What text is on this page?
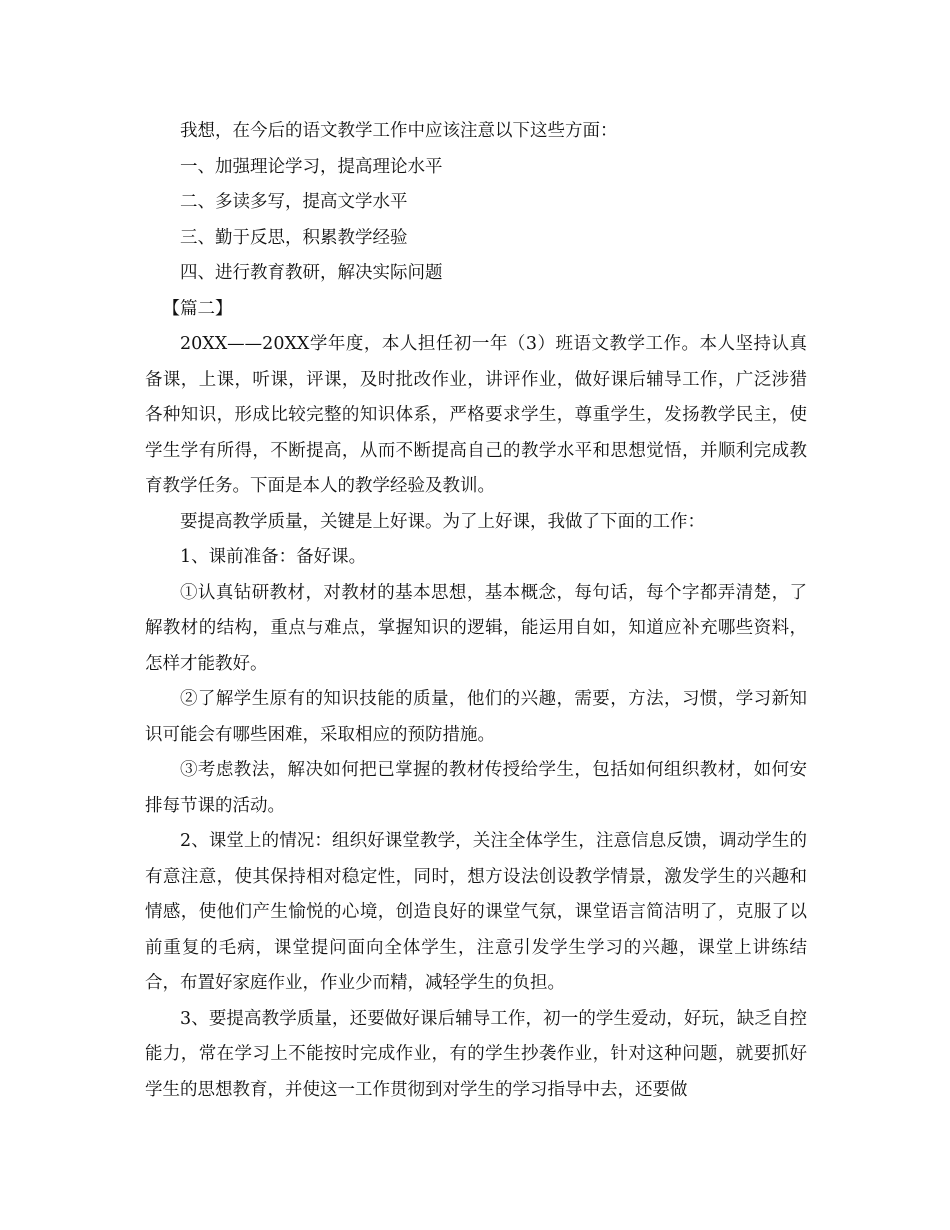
我想，在今后的语文教学工作中应该注意以下这些方面：

一、加强理论学习，提高理论水平

二、多读多写，提高文学水平

三、勤于反思，积累教学经验

四、进行教育教研，解决实际问题

【篇二】

20XX——20XX学年度，本人担任初一年（3）班语文教学工作。本人坚持认真备课，上课，听课，评课，及时批改作业，讲评作业，做好课后辅导工作，广泛涉猎各种知识，形成比较完整的知识体系，严格要求学生，尊重学生，发扬教学民主，使学生学有所得，不断提高，从而不断提高自己的教学水平和思想觉悟，并顺利完成教育教学任务。下面是本人的教学经验及教训。

要提高教学质量，关键是上好课。为了上好课，我做了下面的工作：

1、课前准备：备好课。

①认真钻研教材，对教材的基本思想，基本概念，每句话，每个字都弄清楚，了解教材的结构，重点与难点，掌握知识的逻辑，能运用自如，知道应补充哪些资料，怎样才能教好。

②了解学生原有的知识技能的质量，他们的兴趣，需要，方法，习惯，学习新知识可能会有哪些困难，采取相应的预防措施。

③考虑教法，解决如何把已掌握的教材传授给学生，包括如何组织教材，如何安排每节课的活动。

2、课堂上的情况：组织好课堂教学，关注全体学生，注意信息反馈，调动学生的有意注意，使其保持相对稳定性，同时，想方设法创设教学情景，激发学生的兴趣和情感，使他们产生愉悦的心境，创造良好的课堂气氛，课堂语言简洁明了，克服了以前重复的毛病，课堂提问面向全体学生，注意引发学生学习的兴趣，课堂上讲练结合，布置好家庭作业，作业少而精，减轻学生的负担。

3、要提高教学质量，还要做好课后辅导工作，初一的学生爱动，好玩，缺乏自控能力，常在学习上不能按时完成作业，有的学生抄袭作业，针对这种问题，就要抓好学生的思想教育，并使这一工作贯彻到对学生的学习指导中去，还要做
